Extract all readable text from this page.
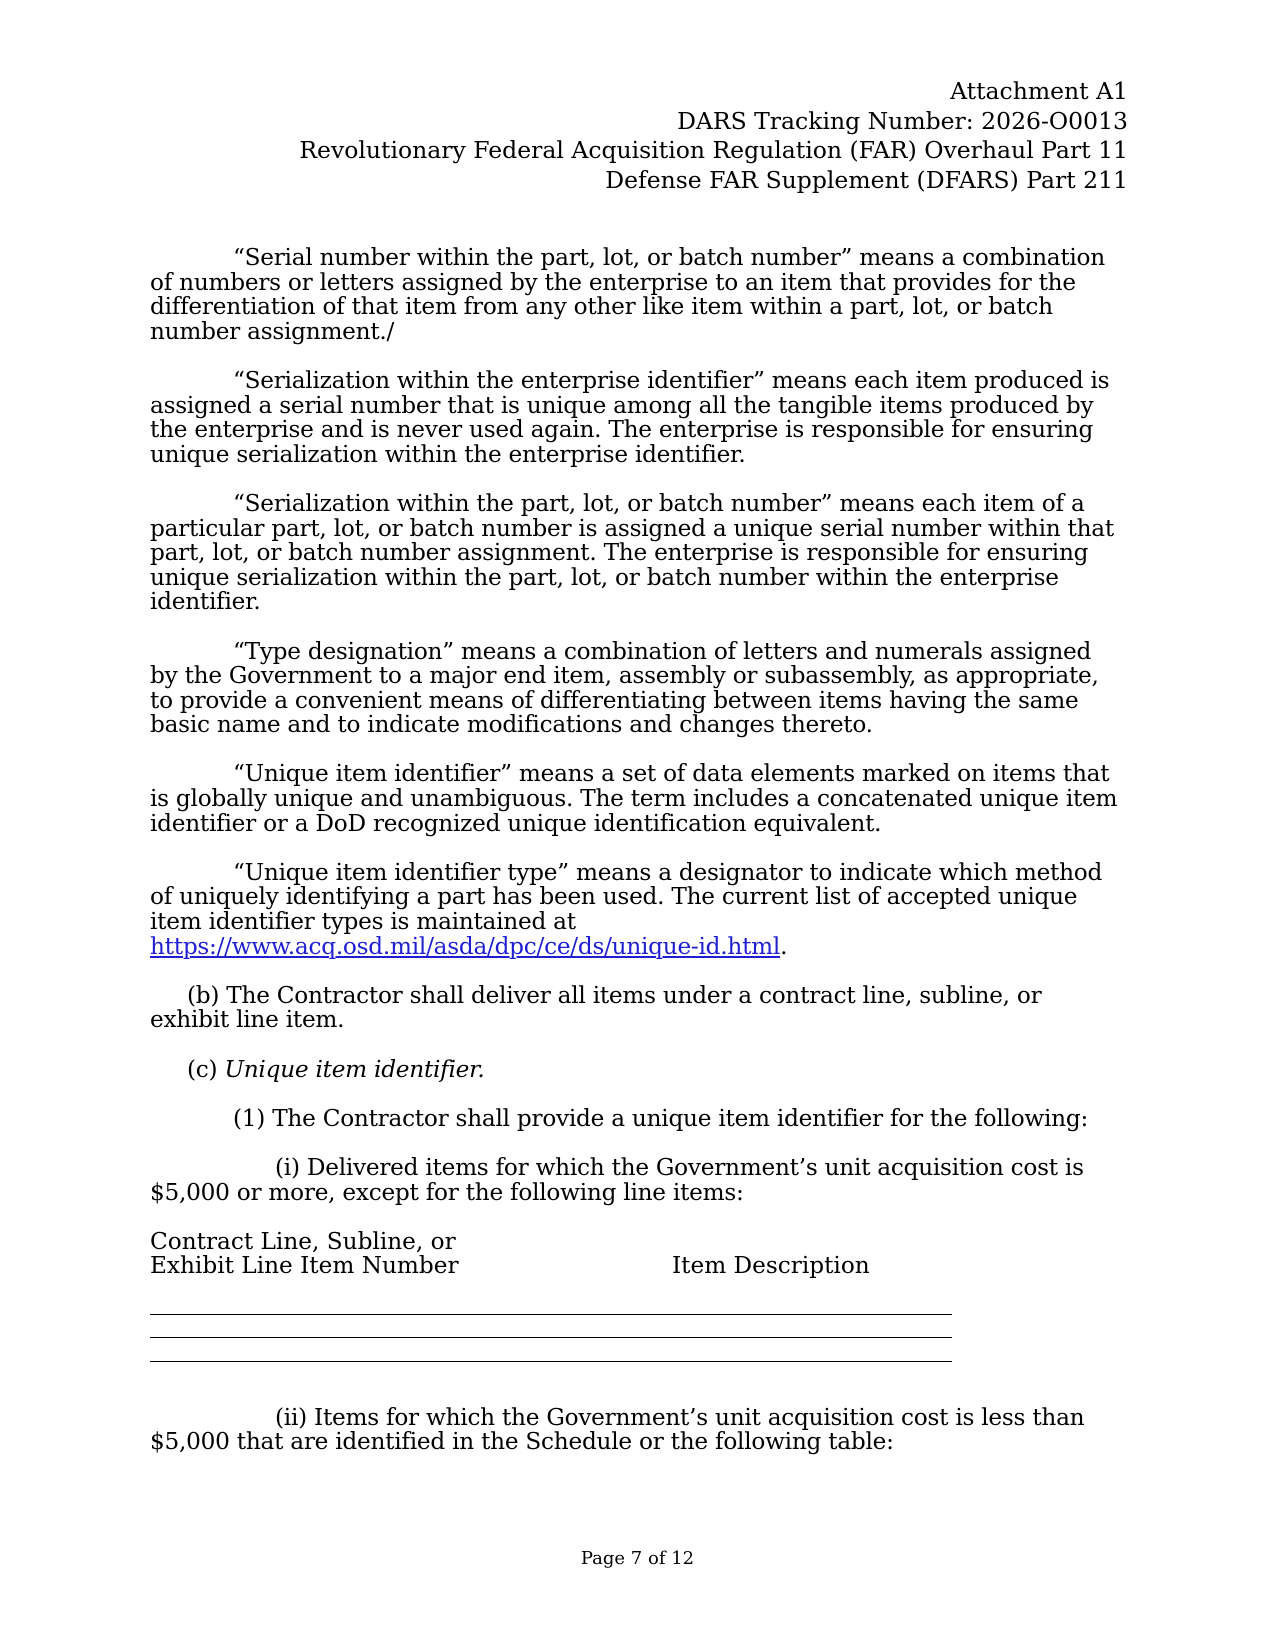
Attachment A1
DARS Tracking Number: 2026-O0013
Revolutionary Federal Acquisition Regulation (FAR) Overhaul Part 11
Defense FAR Supplement (DFARS) Part 211

“Serial number within the part, lot, or batch number” means a combination of numbers or letters assigned by the enterprise to an item that provides for the differentiation of that item from any other like item within a part, lot, or batch number assignment./

“Serialization within the enterprise identifier” means each item produced is assigned a serial number that is unique among all the tangible items produced by the enterprise and is never used again. The enterprise is responsible for ensuring unique serialization within the enterprise identifier.

“Serialization within the part, lot, or batch number” means each item of a particular part, lot, or batch number is assigned a unique serial number within that part, lot, or batch number assignment. The enterprise is responsible for ensuring unique serialization within the part, lot, or batch number within the enterprise identifier.

“Type designation” means a combination of letters and numerals assigned by the Government to a major end item, assembly or subassembly, as appropriate, to provide a convenient means of differentiating between items having the same basic name and to indicate modifications and changes thereto.

“Unique item identifier” means a set of data elements marked on items that is globally unique and unambiguous. The term includes a concatenated unique item identifier or a DoD recognized unique identification equivalent.

“Unique item identifier type” means a designator to indicate which method of uniquely identifying a part has been used. The current list of accepted unique item identifier types is maintained at https://www.acq.osd.mil/asda/dpc/ce/ds/unique-id.html.

(b) The Contractor shall deliver all items under a contract line, subline, or exhibit line item.

(c) Unique item identifier.

(1) The Contractor shall provide a unique item identifier for the following:

(i) Delivered items for which the Government’s unit acquisition cost is $5,000 or more, except for the following line items:

Contract Line, Subline, or
Exhibit Line Item Number	Item Description

(ii) Items for which the Government’s unit acquisition cost is less than $5,000 that are identified in the Schedule or the following table:

Page 7 of 12
